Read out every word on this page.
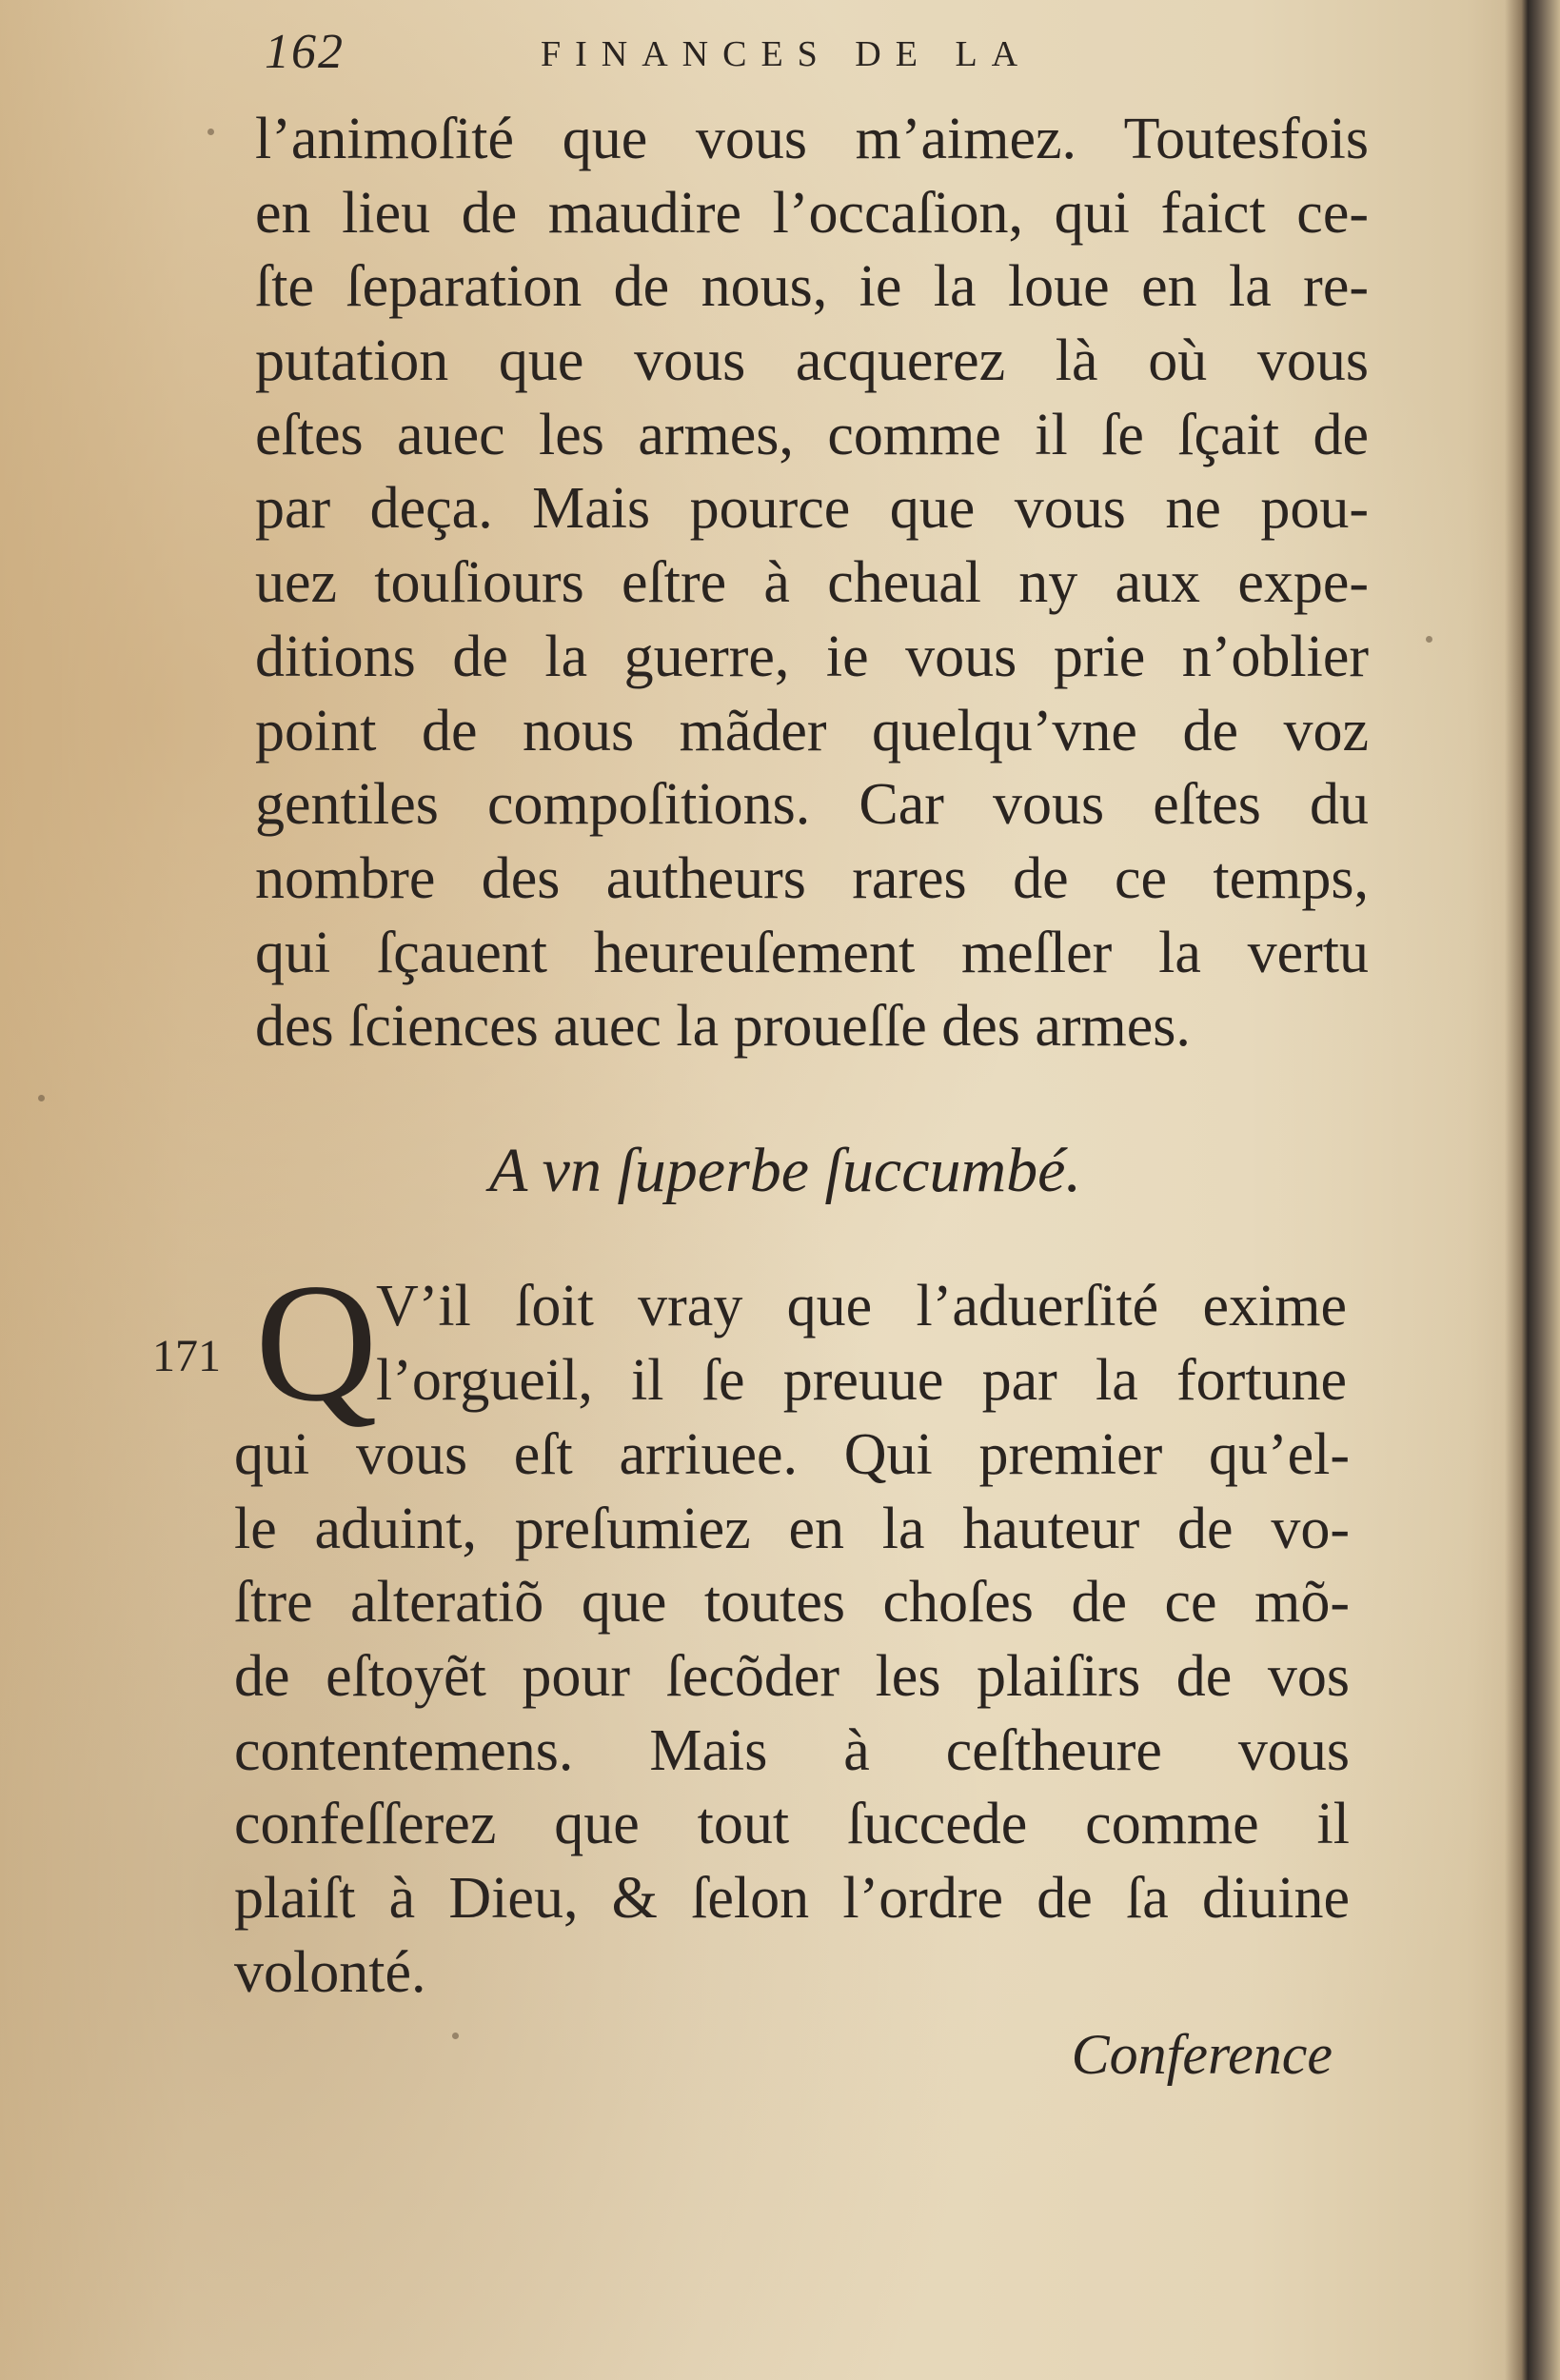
162	FINANCES DE LA
l’animoſité que vous m’aimez. Toutesfois
en lieu de maudire l’occaſion, qui faict ce-
ſte ſeparation de nous, ie la loue en la re-
putation que vous acquerez là où vous
eſtes auec les armes, comme il ſe ſçait de
par deça. Mais pource que vous ne pou-
uez touſiours eſtre à cheual ny aux expe-
ditions de la guerre, ie vous prie n’oblier
point de nous mãder quelqu’vne de voz
gentiles compoſitions. Car vous eſtes du
nombre des autheurs rares de ce temps,
qui ſçauent heureuſement meſler la vertu
des ſciences auec la proueſſe des armes.
A vn ſuperbe ſuccumbé.
171 Q
V’il ſoit vray que l’aduerſité exime
l’orgueil, il ſe preuue par la fortune
qui vous eſt arriuee. Qui premier qu’el-
le aduint, preſumiez en la hauteur de vo-
ſtre alteratiõ que toutes choſes de ce mõ-
de eſtoyẽt pour ſecõder les plaiſirs de vos
contentemens. Mais à ceſtheure vous
confeſſerez que tout ſuccede comme il
plaiſt à Dieu, & ſelon l’ordre de ſa diuine
volonté.
Conference
